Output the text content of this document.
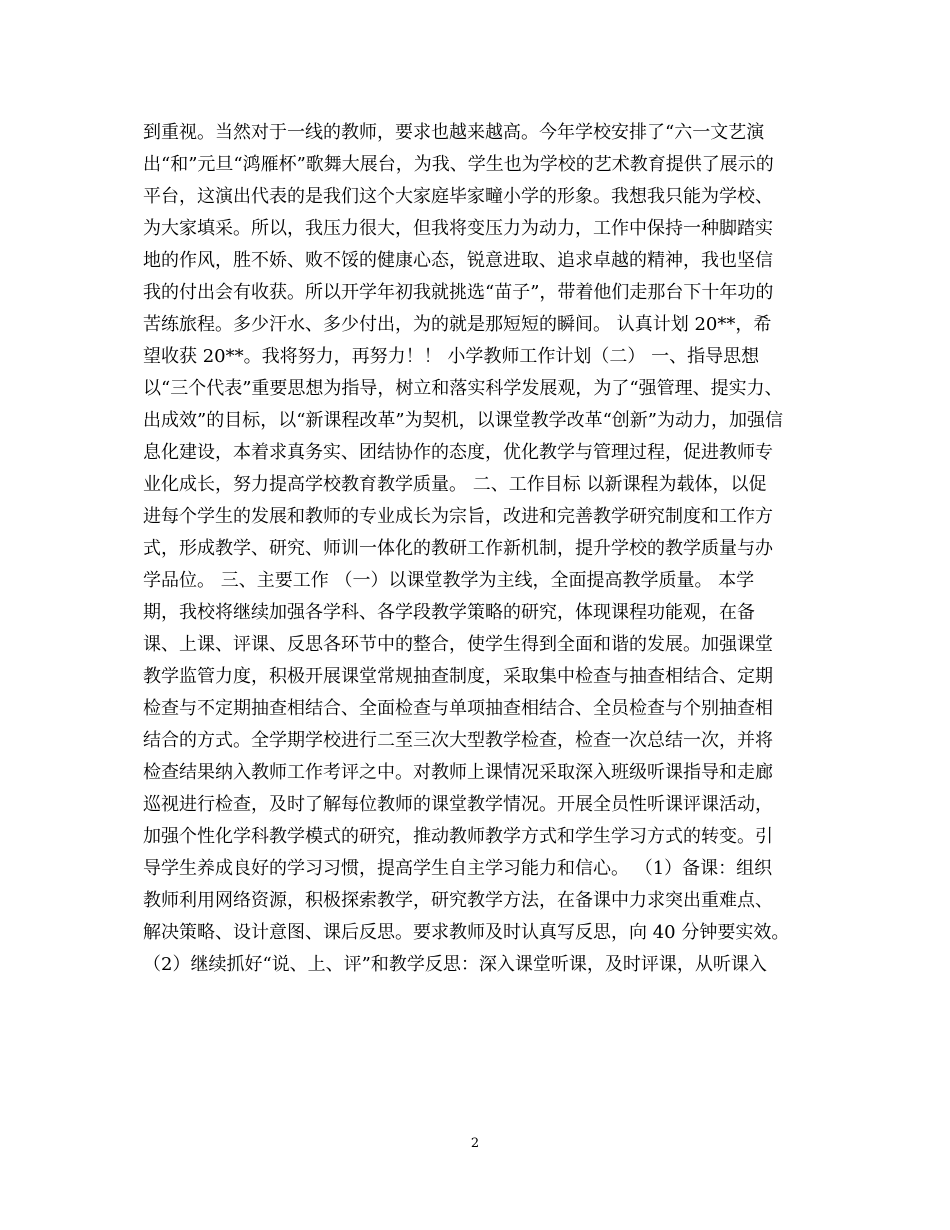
到重视。当然对于一线的教师，要求也越来越高。今年学校安排了“六一文艺演
出“和”元旦“鸿雁杯”歌舞大展台，为我、学生也为学校的艺术教育提供了展示的
平台，这演出代表的是我们这个大家庭毕家疃小学的形象。我想我只能为学校、
为大家填采。所以，我压力很大，但我将变压力为动力，工作中保持一种脚踏实
地的作风，胜不娇、败不馁的健康心态，锐意进取、追求卓越的精神，我也坚信
我的付出会有收获。所以开学年初我就挑选“苗子”，带着他们走那台下十年功的
苦练旅程。多少汗水、多少付出，为的就是那短短的瞬间。 认真计划 20**，希
望收获 20**。我将努力，再努力！！ 小学教师工作计划（二） 一、指导思想
以“三个代表”重要思想为指导，树立和落实科学发展观，为了“强管理、提实力、
出成效”的目标，以“新课程改革”为契机，以课堂教学改革“创新”为动力，加强信
息化建设，本着求真务实、团结协作的态度，优化教学与管理过程，促进教师专
业化成长，努力提高学校教育教学质量。 二、工作目标 以新课程为载体，以促
进每个学生的发展和教师的专业成长为宗旨，改进和完善教学研究制度和工作方
式，形成教学、研究、师训一体化的教研工作新机制，提升学校的教学质量与办
学品位。 三、主要工作 （一）以课堂教学为主线，全面提高教学质量。 本学
期，我校将继续加强各学科、各学段教学策略的研究，体现课程功能观，在备
课、上课、评课、反思各环节中的整合，使学生得到全面和谐的发展。加强课堂
教学监管力度，积极开展课堂常规抽查制度，采取集中检查与抽查相结合、定期
检查与不定期抽查相结合、全面检查与单项抽查相结合、全员检查与个别抽查相
结合的方式。全学期学校进行二至三次大型教学检查，检查一次总结一次，并将
检查结果纳入教师工作考评之中。对教师上课情况采取深入班级听课指导和走廊
巡视进行检查，及时了解每位教师的课堂教学情况。开展全员性听课评课活动，
加强个性化学科教学模式的研究，推动教师教学方式和学生学习方式的转变。引
导学生养成良好的学习习惯，提高学生自主学习能力和信心。 （1）备课：组织
教师利用网络资源，积极探索教学，研究教学方法，在备课中力求突出重难点、
解决策略、设计意图、课后反思。要求教师及时认真写反思，向 40 分钟要实效。
（2）继续抓好“说、上、评”和教学反思：深入课堂听课，及时评课，从听课入
2
